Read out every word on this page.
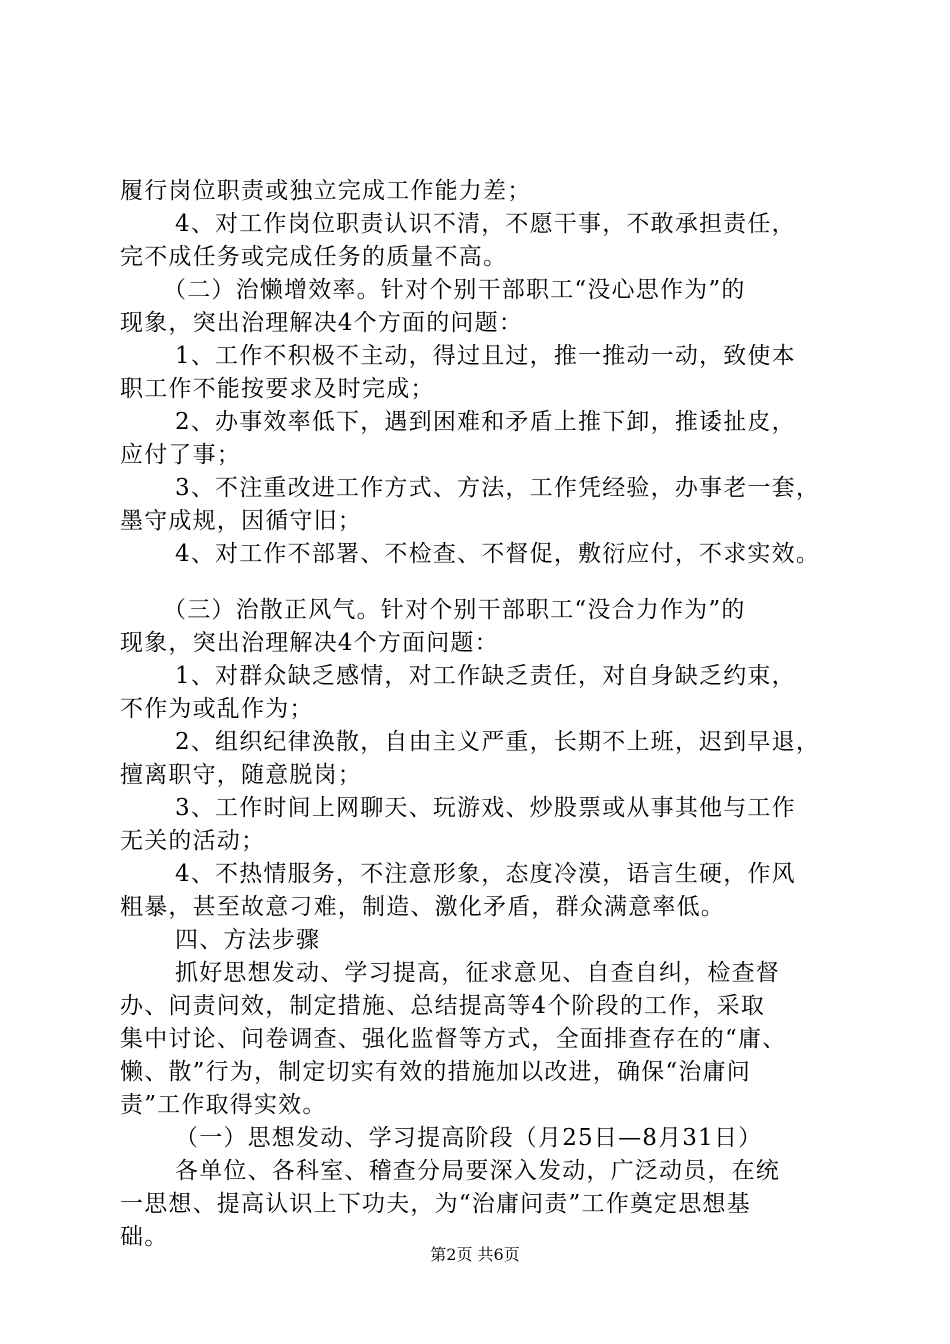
履行岗位职责或独立完成工作能力差；
4、对工作岗位职责认识不清，不愿干事，不敢承担责任，
完不成任务或完成任务的质量不高。
（二）治懒增效率。针对个别干部职工“没心思作为”的
现象，突出治理解决4个方面的问题：
1、工作不积极不主动，得过且过，推一推动一动，致使本
职工作不能按要求及时完成；
2、办事效率低下，遇到困难和矛盾上推下卸，推诿扯皮，
应付了事；
3、不注重改进工作方式、方法，工作凭经验，办事老一套，
墨守成规，因循守旧；
4、对工作不部署、不检查、不督促，敷衍应付，不求实效。
（三）治散正风气。针对个别干部职工“没合力作为”的
现象，突出治理解决4个方面问题：
1、对群众缺乏感情，对工作缺乏责任，对自身缺乏约束，
不作为或乱作为；
2、组织纪律涣散，自由主义严重，长期不上班，迟到早退，
擅离职守，随意脱岗；
3、工作时间上网聊天、玩游戏、炒股票或从事其他与工作
无关的活动；
4、不热情服务，不注意形象，态度冷漠，语言生硬，作风
粗暴，甚至故意刁难，制造、激化矛盾，群众满意率低。
四、方法步骤
抓好思想发动、学习提高，征求意见、自查自纠，检查督
办、问责问效，制定措施、总结提高等4个阶段的工作，采取
集中讨论、问卷调查、强化监督等方式，全面排查存在的“庸、
懒、散”行为，制定切实有效的措施加以改进，确保“治庸问
责”工作取得实效。
（一）思想发动、学习提高阶段（月25日—8月31日）
各单位、各科室、稽查分局要深入发动，广泛动员，在统
一思想、提高认识上下功夫，为“治庸问责”工作奠定思想基
础。
第2页 共6页
